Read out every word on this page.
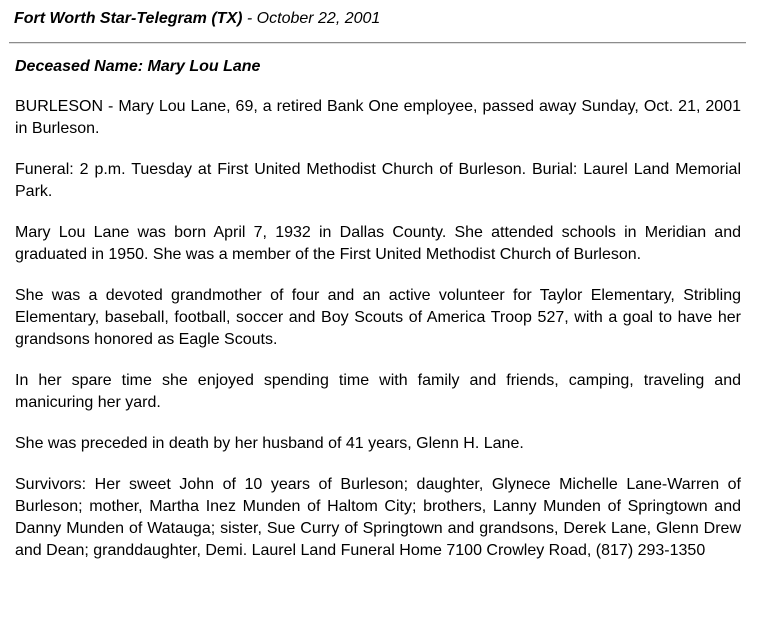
Fort Worth Star-Telegram (TX) - October 22, 2001
Deceased Name: Mary Lou Lane

BURLESON - Mary Lou Lane, 69, a retired Bank One employee, passed away Sunday, Oct. 21, 2001 in Burleson.

Funeral: 2 p.m. Tuesday at First United Methodist Church of Burleson. Burial: Laurel Land Memorial Park.

Mary Lou Lane was born April 7, 1932 in Dallas County. She attended schools in Meridian and graduated in 1950. She was a member of the First United Methodist Church of Burleson.

She was a devoted grandmother of four and an active volunteer for Taylor Elementary, Stribling Elementary, baseball, football, soccer and Boy Scouts of America Troop 527, with a goal to have her grandsons honored as Eagle Scouts.

In her spare time she enjoyed spending time with family and friends, camping, traveling and manicuring her yard.

She was preceded in death by her husband of 41 years, Glenn H. Lane.

Survivors: Her sweet John of 10 years of Burleson; daughter, Glynece Michelle Lane-Warren of Burleson; mother, Martha Inez Munden of Haltom City; brothers, Lanny Munden of Springtown and Danny Munden of Watauga; sister, Sue Curry of Springtown and grandsons, Derek Lane, Glenn Drew and Dean; granddaughter, Demi. Laurel Land Funeral Home 7100 Crowley Road, (817) 293-1350
